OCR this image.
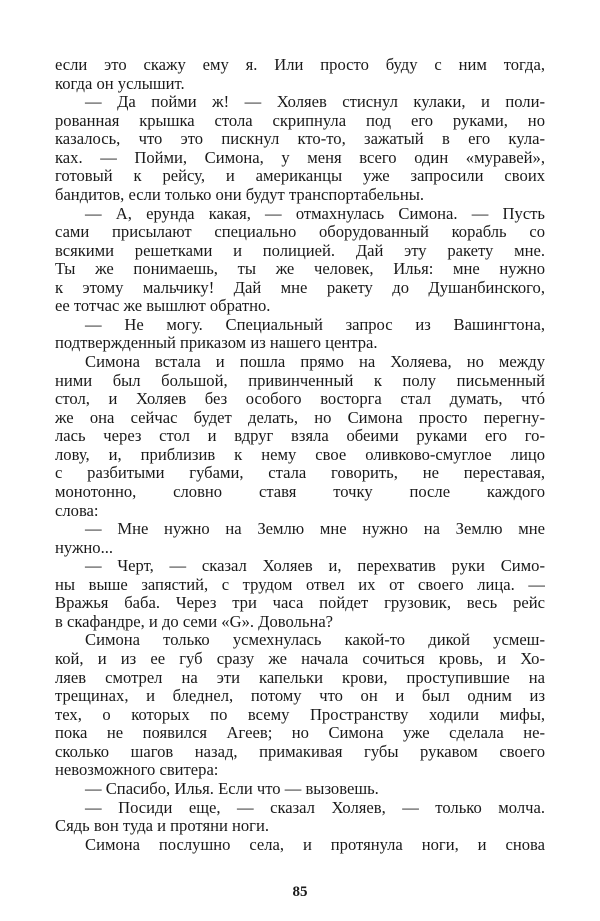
если это скажу ему я. Или просто буду с ним тогда,
когда он услышит.
— Да пойми ж! — Холяев стиснул кулаки, и поли-
рованная крышка стола скрипнула под его руками, но
казалось, что это пискнул кто-то, зажатый в его кула-
ках. — Пойми, Симона, у меня всего один «муравей»,
готовый к рейсу, и американцы уже запросили своих
бандитов, если только они будут транспортабельны.
— А, ерунда какая, — отмахнулась Симона. — Пусть
сами присылают специально оборудованный корабль со
всякими решетками и полицией. Дай эту ракету мне.
Ты же понимаешь, ты же человек, Илья: мне нужно
к этому мальчику! Дай мне ракету до Душанбинского,
ее тотчас же вышлют обратно.
— Не могу. Специальный запрос из Вашингтона,
подтвержденный приказом из нашего центра.
Симона встала и пошла прямо на Холяева, но между
ними был большой, привинченный к полу письменный
стол, и Холяев без особого восторга стал думать, чтó
же она сейчас будет делать, но Симона просто перегну-
лась через стол и вдруг взяла обеими руками его го-
лову, и, приблизив к нему свое оливково-смуглое лицо
с разбитыми губами, стала говорить, не переставая,
монотонно, словно ставя точку после каждого
слова:
— Мне нужно на Землю мне нужно на Землю мне
нужно...
— Черт, — сказал Холяев и, перехватив руки Симо-
ны выше запястий, с трудом отвел их от своего лица. —
Вражья баба. Через три часа пойдет грузовик, весь рейс
в скафандре, и до семи «G». Довольна?
Симона только усмехнулась какой-то дикой усмеш-
кой, и из ее губ сразу же начала сочиться кровь, и Хо-
ляев смотрел на эти капельки крови, проступившие на
трещинах, и бледнел, потому что он и был одним из
тех, о которых по всему Пространству ходили мифы,
пока не появился Агеев; но Симона уже сделала не-
сколько шагов назад, примакивая губы рукавом своего
невозможного свитера:
— Спасибо, Илья. Если что — вызовешь.
— Посиди еще, — сказал Холяев, — только молча.
Сядь вон туда и протяни ноги.
Симона послушно села, и протянула ноги, и снова
85
